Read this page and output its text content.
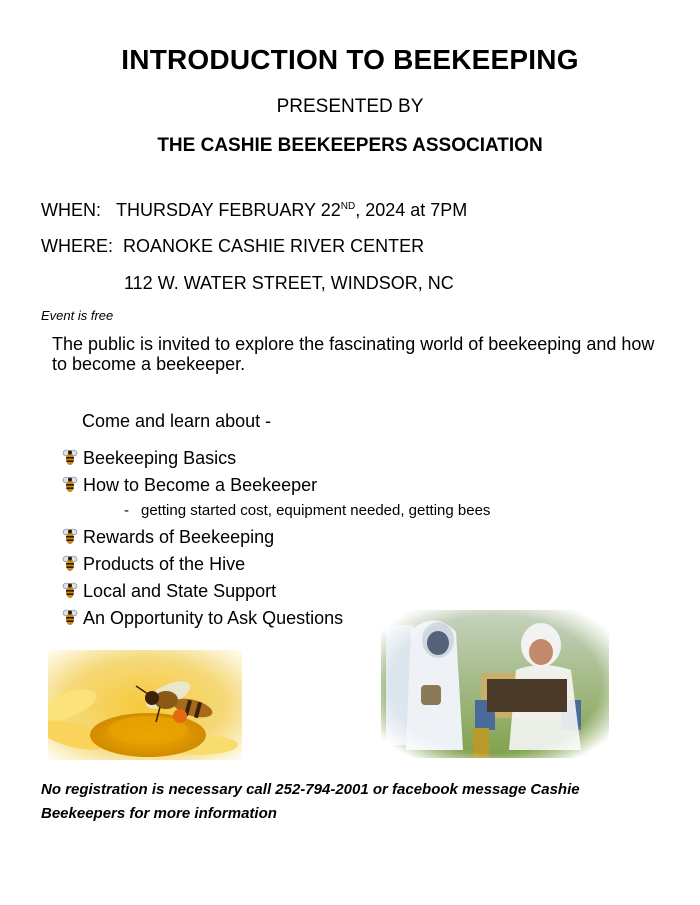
INTRODUCTION TO BEEKEEPING
PRESENTED BY
THE CASHIE BEEKEEPERS ASSOCIATION
WHEN: THURSDAY FEBRUARY 22ND, 2024 at 7PM
WHERE: ROANOKE CASHIE RIVER CENTER
112 W. WATER STREET, WINDSOR, NC
Event is free
The public is invited to explore the fascinating world of beekeeping and how to become a beekeeper.
Come and learn about -
Beekeeping Basics
How to Become a Beekeeper
Rewards of Beekeeping
Products of the Hive
Local and State Support
An Opportunity to Ask Questions
- getting started cost, equipment needed, getting bees
No registration is necessary call 252-794-2001 or facebook message Cashie Beekeepers for more information
